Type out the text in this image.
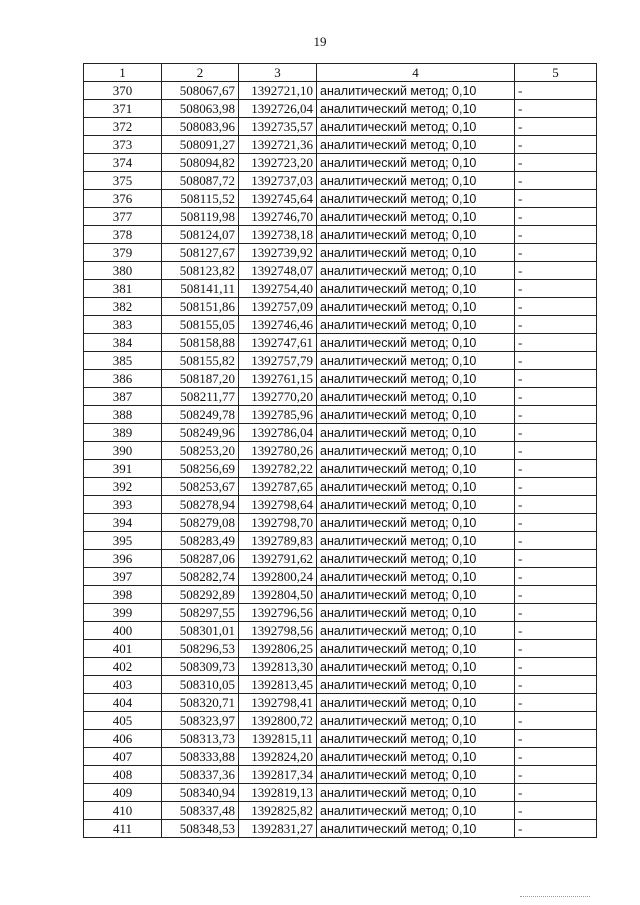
19
1	2	3	4	5
370	508067,67	1392721,10	аналитический метод; 0,10	-
371	508063,98	1392726,04	аналитический метод; 0,10	-
372	508083,96	1392735,57	аналитический метод; 0,10	-
373	508091,27	1392721,36	аналитический метод; 0,10	-
374	508094,82	1392723,20	аналитический метод; 0,10	-
375	508087,72	1392737,03	аналитический метод; 0,10	-
376	508115,52	1392745,64	аналитический метод; 0,10	-
377	508119,98	1392746,70	аналитический метод; 0,10	-
378	508124,07	1392738,18	аналитический метод; 0,10	-
379	508127,67	1392739,92	аналитический метод; 0,10	-
380	508123,82	1392748,07	аналитический метод; 0,10	-
381	508141,11	1392754,40	аналитический метод; 0,10	-
382	508151,86	1392757,09	аналитический метод; 0,10	-
383	508155,05	1392746,46	аналитический метод; 0,10	-
384	508158,88	1392747,61	аналитический метод; 0,10	-
385	508155,82	1392757,79	аналитический метод; 0,10	-
386	508187,20	1392761,15	аналитический метод; 0,10	-
387	508211,77	1392770,20	аналитический метод; 0,10	-
388	508249,78	1392785,96	аналитический метод; 0,10	-
389	508249,96	1392786,04	аналитический метод; 0,10	-
390	508253,20	1392780,26	аналитический метод; 0,10	-
391	508256,69	1392782,22	аналитический метод; 0,10	-
392	508253,67	1392787,65	аналитический метод; 0,10	-
393	508278,94	1392798,64	аналитический метод; 0,10	-
394	508279,08	1392798,70	аналитический метод; 0,10	-
395	508283,49	1392789,83	аналитический метод; 0,10	-
396	508287,06	1392791,62	аналитический метод; 0,10	-
397	508282,74	1392800,24	аналитический метод; 0,10	-
398	508292,89	1392804,50	аналитический метод; 0,10	-
399	508297,55	1392796,56	аналитический метод; 0,10	-
400	508301,01	1392798,56	аналитический метод; 0,10	-
401	508296,53	1392806,25	аналитический метод; 0,10	-
402	508309,73	1392813,30	аналитический метод; 0,10	-
403	508310,05	1392813,45	аналитический метод; 0,10	-
404	508320,71	1392798,41	аналитический метод; 0,10	-
405	508323,97	1392800,72	аналитический метод; 0,10	-
406	508313,73	1392815,11	аналитический метод; 0,10	-
407	508333,88	1392824,20	аналитический метод; 0,10	-
408	508337,36	1392817,34	аналитический метод; 0,10	-
409	508340,94	1392819,13	аналитический метод; 0,10	-
410	508337,48	1392825,82	аналитический метод; 0,10	-
411	508348,53	1392831,27	аналитический метод; 0,10	-
